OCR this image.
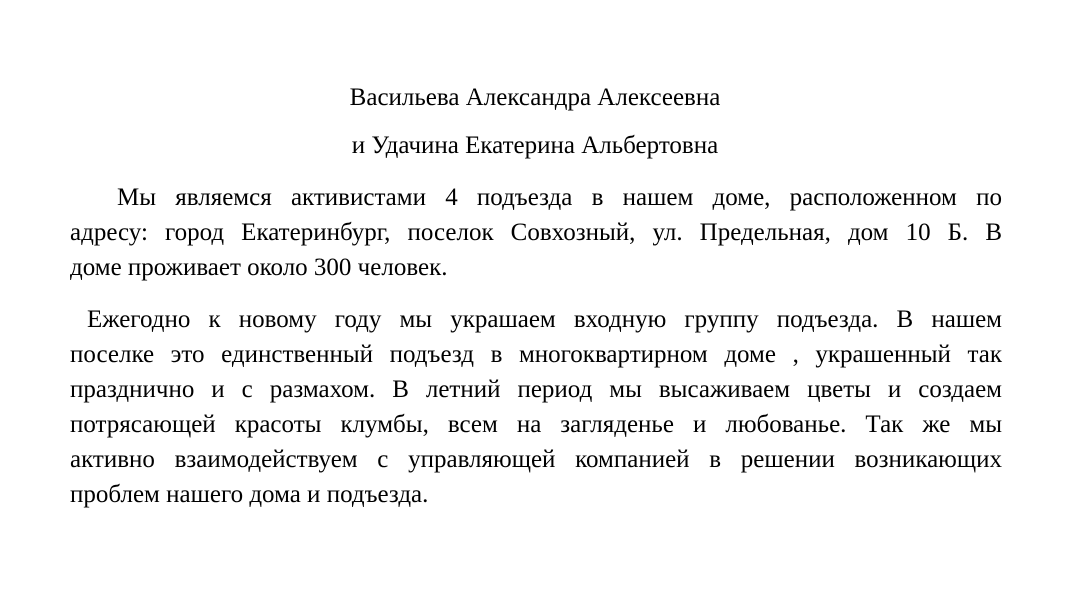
Васильева Александра Алексеевна
и Удачина Екатерина Альбертовна
Мы являемся активистами 4 подъезда в нашем доме, расположенном по
адресу: город Екатеринбург, поселок Совхозный, ул. Предельная, дом 10 Б. В
доме проживает около 300 человек.
Ежегодно к новому году мы украшаем входную группу подъезда. В нашем
поселке это единственный подъезд в многоквартирном доме , украшенный так
празднично и с размахом. В летний период мы высаживаем цветы и создаем
потрясающей красоты клумбы, всем на загляденье и любованье. Так же мы
активно взаимодействуем с управляющей компанией в решении возникающих
проблем нашего дома и подъезда.
